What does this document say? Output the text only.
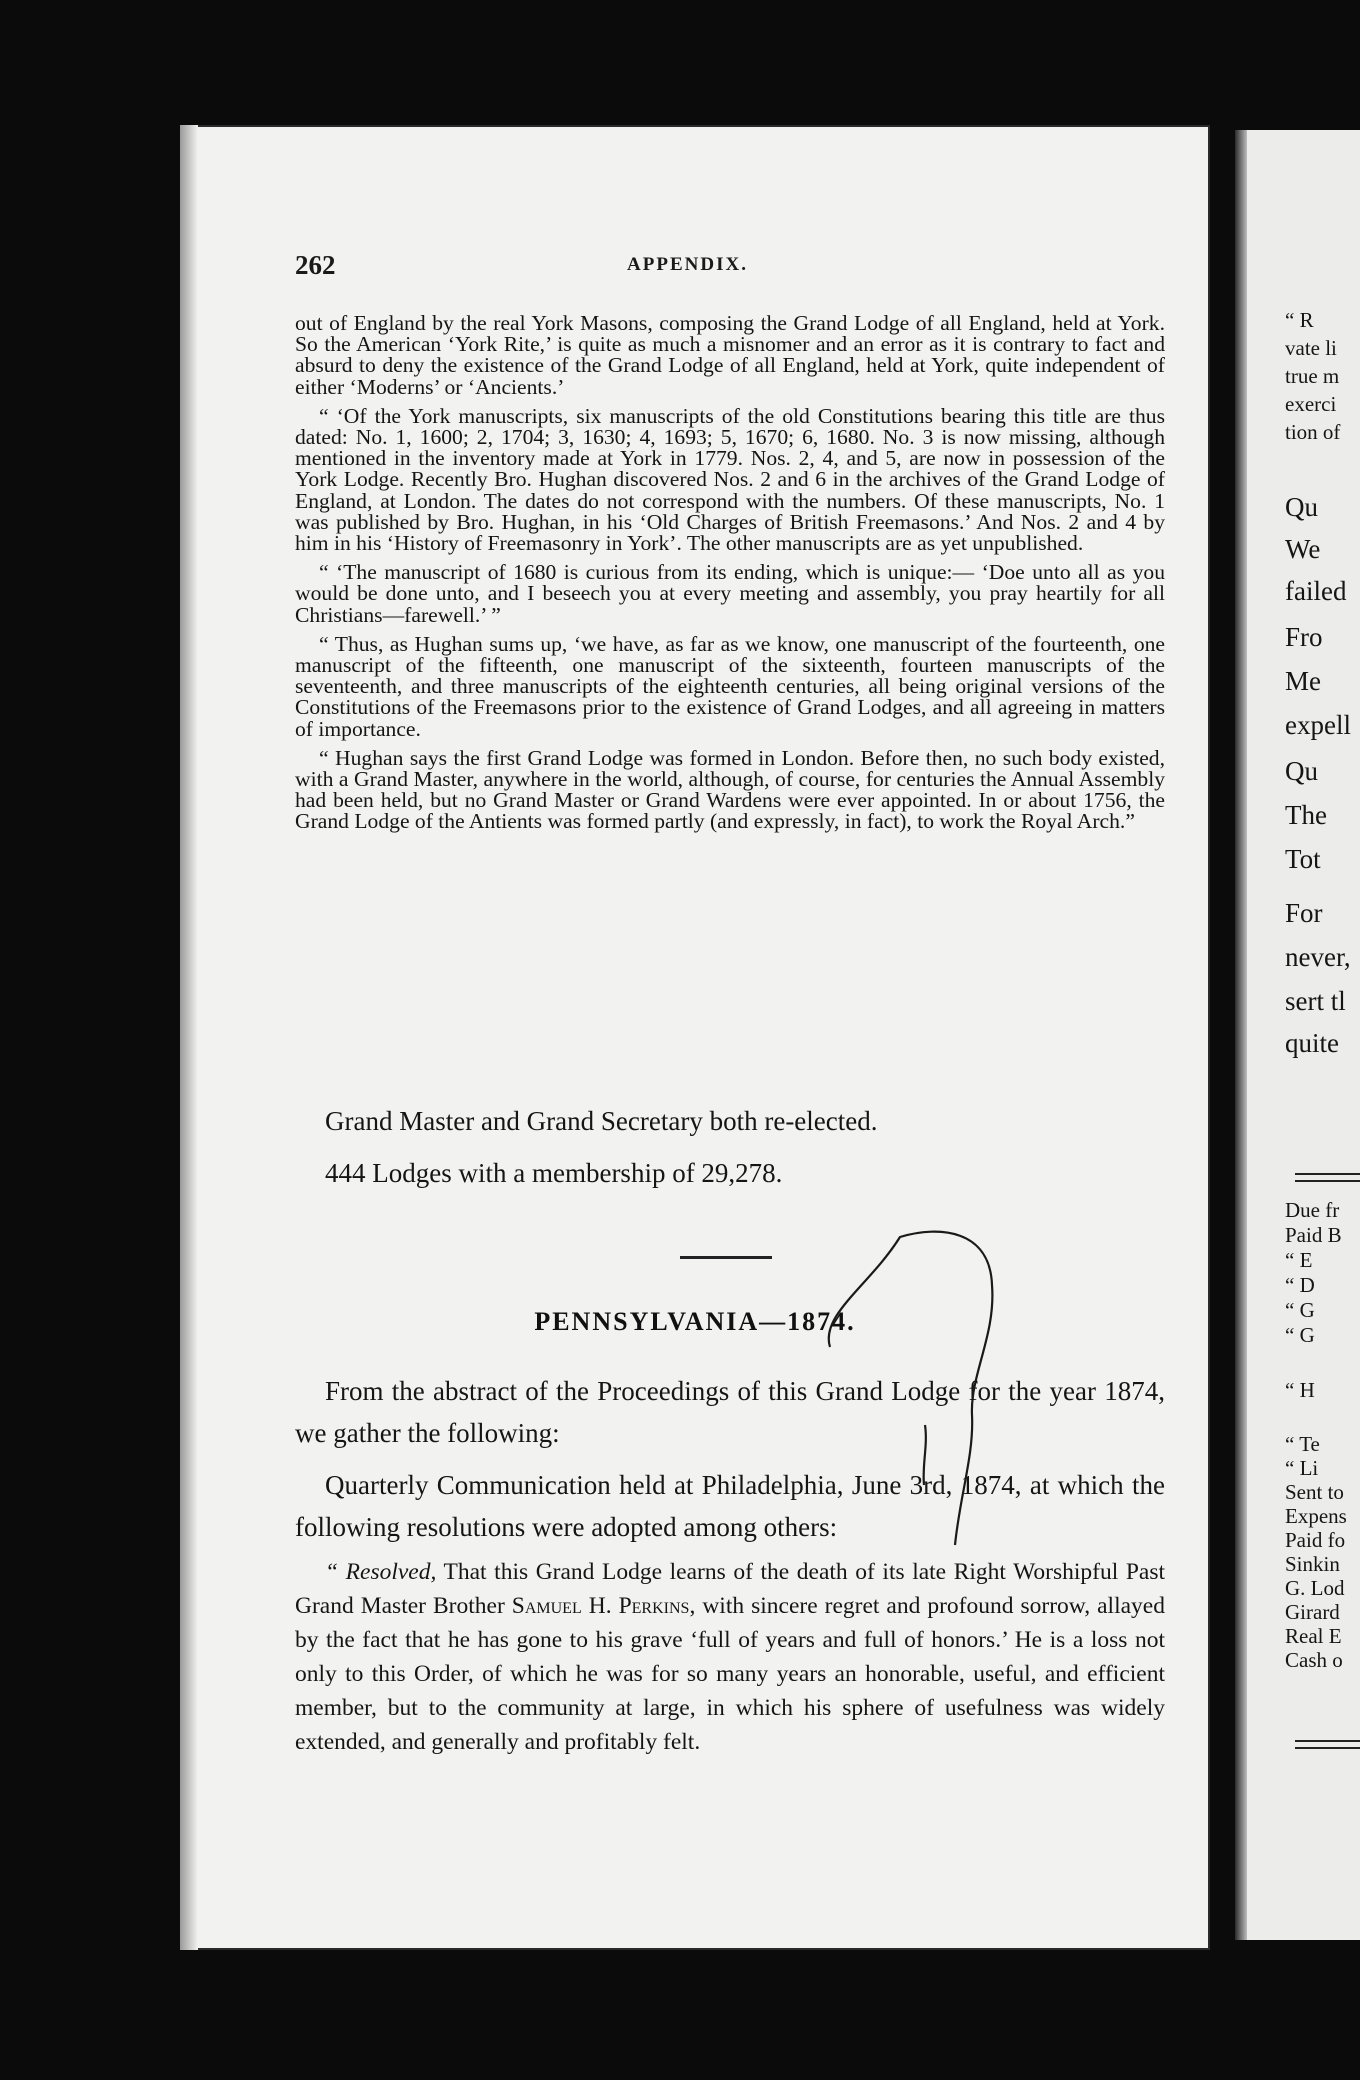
262	APPENDIX.

out of England by the real York Masons, composing the Grand Lodge of all England, held at York. So the American ‘York Rite,’ is quite as much a misnomer and an error as it is contrary to fact and absurd to deny the existence of the Grand Lodge of all England, held at York, quite independent of either ‘Moderns’ or ‘Ancients.’

“ ‘Of the York manuscripts, six manuscripts of the old Constitutions bearing this title are thus dated: No. 1, 1600; 2, 1704; 3, 1630; 4, 1693; 5, 1670; 6, 1680. No. 3 is now missing, although mentioned in the inventory made at York in 1779. Nos. 2, 4, and 5, are now in possession of the York Lodge. Recently Bro. Hughan discovered Nos. 2 and 6 in the archives of the Grand Lodge of England, at London. The dates do not correspond with the numbers. Of these manuscripts, No. 1 was published by Bro. Hughan, in his ‘Old Charges of British Freemasons.’ And Nos. 2 and 4 by him in his ‘History of Freemasonry in York’. The other manuscripts are as yet unpublished.

“ ‘The manuscript of 1680 is curious from its ending, which is unique:— ‘Doe unto all as you would be done unto, and I beseech you at every meeting and assembly, you pray heartily for all Christians—farewell.’ ”

“ Thus, as Hughan sums up, ‘we have, as far as we know, one manuscript of the fourteenth, one manuscript of the fifteenth, one manuscript of the sixteenth, fourteen manuscripts of the seventeenth, and three manuscripts of the eighteenth centuries, all being original versions of the Constitutions of the Freemasons prior to the existence of Grand Lodges, and all agreeing in matters of importance.

“ Hughan says the first Grand Lodge was formed in London. Before then, no such body existed, with a Grand Master, anywhere in the world, although, of course, for centuries the Annual Assembly had been held, but no Grand Master or Grand Wardens were ever appointed. In or about 1756, the Grand Lodge of the Antients was formed partly (and expressly, in fact), to work the Royal Arch.”

Grand Master and Grand Secretary both re-elected.

444 Lodges with a membership of 29,278.

PENNSYLVANIA—1874.

From the abstract of the Proceedings of this Grand Lodge for the year 1874, we gather the following:

Quarterly Communication held at Philadelphia, June 3rd, 1874, at which the following resolutions were adopted among others:

“ Resolved, That this Grand Lodge learns of the death of its late Right Worshipful Past Grand Master Brother Samuel H. Perkins, with sincere regret and profound sorrow, allayed by the fact that he has gone to his grave ‘full of years and full of honors.’ He is a loss not only to this Order, of which he was for so many years an honorable, useful, and efficient member, but to the community at large, in which his sphere of usefulness was widely extended, and generally and profitably felt.

“ R
vate li
true m
exerci
tion of
Qu
We
failed
Fro
Me
expell
Qu
The
Tot
For
never,
sert tl
quite
Due fr
Paid B
“ E
“ D
“ G
“ G
“ H
“ Te
“ Li
Sent to
Expens
Paid fo
Sinkin
G. Lod
Girard
Real E
Cash o
